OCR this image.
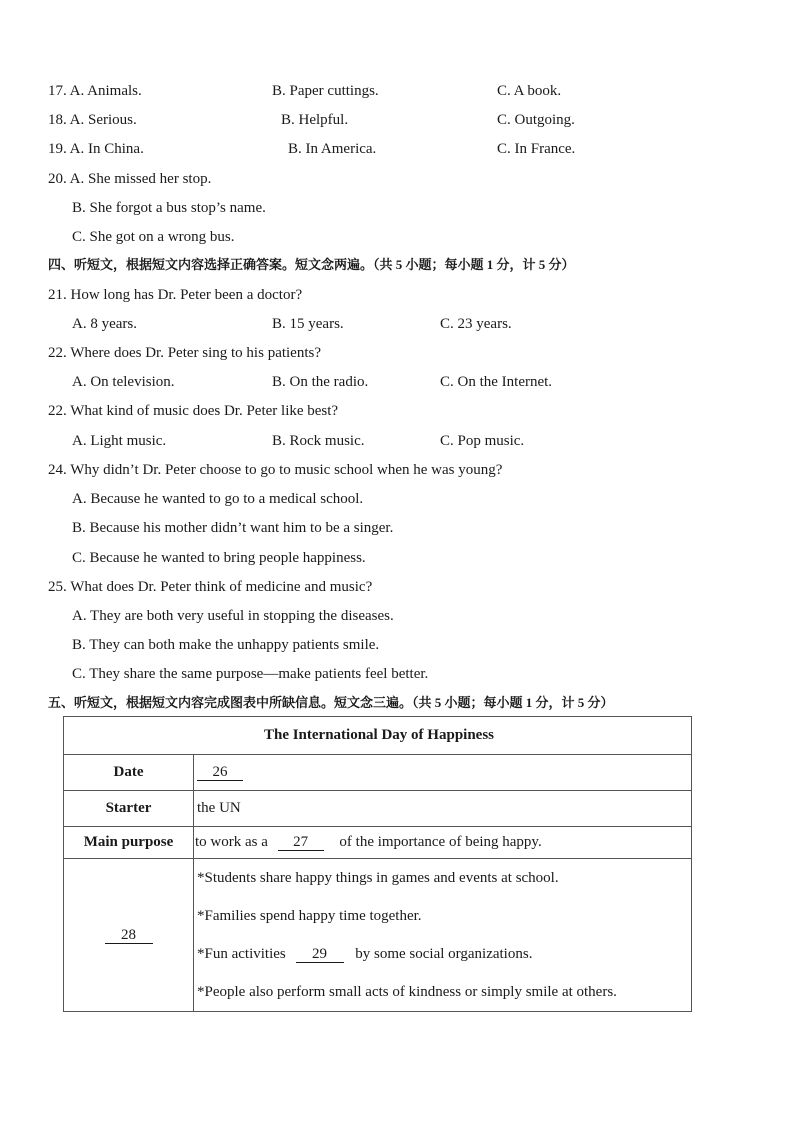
17. A. Animals.	B. Paper cuttings.	C. A book.
18. A. Serious.	B. Helpful.	C. Outgoing.
19. A. In China.	B. In America.	C. In France.
20. A. She missed her stop.
B. She forgot a bus stop’s name.
C. She got on a wrong bus.
四、听短文，根据短文内容选择正确答案。短文念两遍。（共 5 小题；每小题 1 分，计 5 分）
21. How long has Dr. Peter been a doctor?
A. 8 years.	B. 15 years.	C. 23 years.
22. Where does Dr. Peter sing to his patients?
A. On television.	B. On the radio.	C. On the Internet.
22. What kind of music does Dr. Peter like best?
A. Light music.	B. Rock music.	C. Pop music.
24. Why didn’t Dr. Peter choose to go to music school when he was young?
A. Because he wanted to go to a medical school.
B. Because his mother didn’t want him to be a singer.
C. Because he wanted to bring people happiness.
25. What does Dr. Peter think of medicine and music?
A. They are both very useful in stopping the diseases.
B. They can both make the unhappy patients smile.
C. They share the same purpose—make patients feel better.
五、听短文，根据短文内容完成图表中所缺信息。短文念三遍。（共 5 小题；每小题 1 分，计 5 分）
The International Day of Happiness	
Date	26
Starter	the UN
Main purpose	to work as a 27 of the importance of being happy.
28	*Students share happy things in games and events at school.
*Families spend happy time together.
*Fun activities 29 by some social organizations.
*People also perform small acts of kindness or simply smile at others.
